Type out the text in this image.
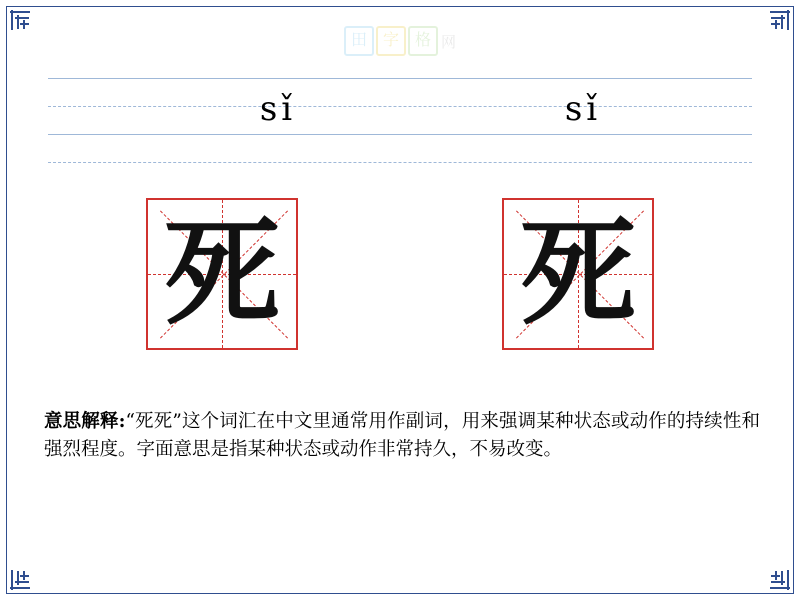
田 字 格 网
sǐ	sǐ
死 死
意思解释:“死死”这个词汇在中文里通常用作副词，用来强调某种状态或动作的持续性和强烈程度。字面意思是指某种状态或动作非常持久，不易改变。
